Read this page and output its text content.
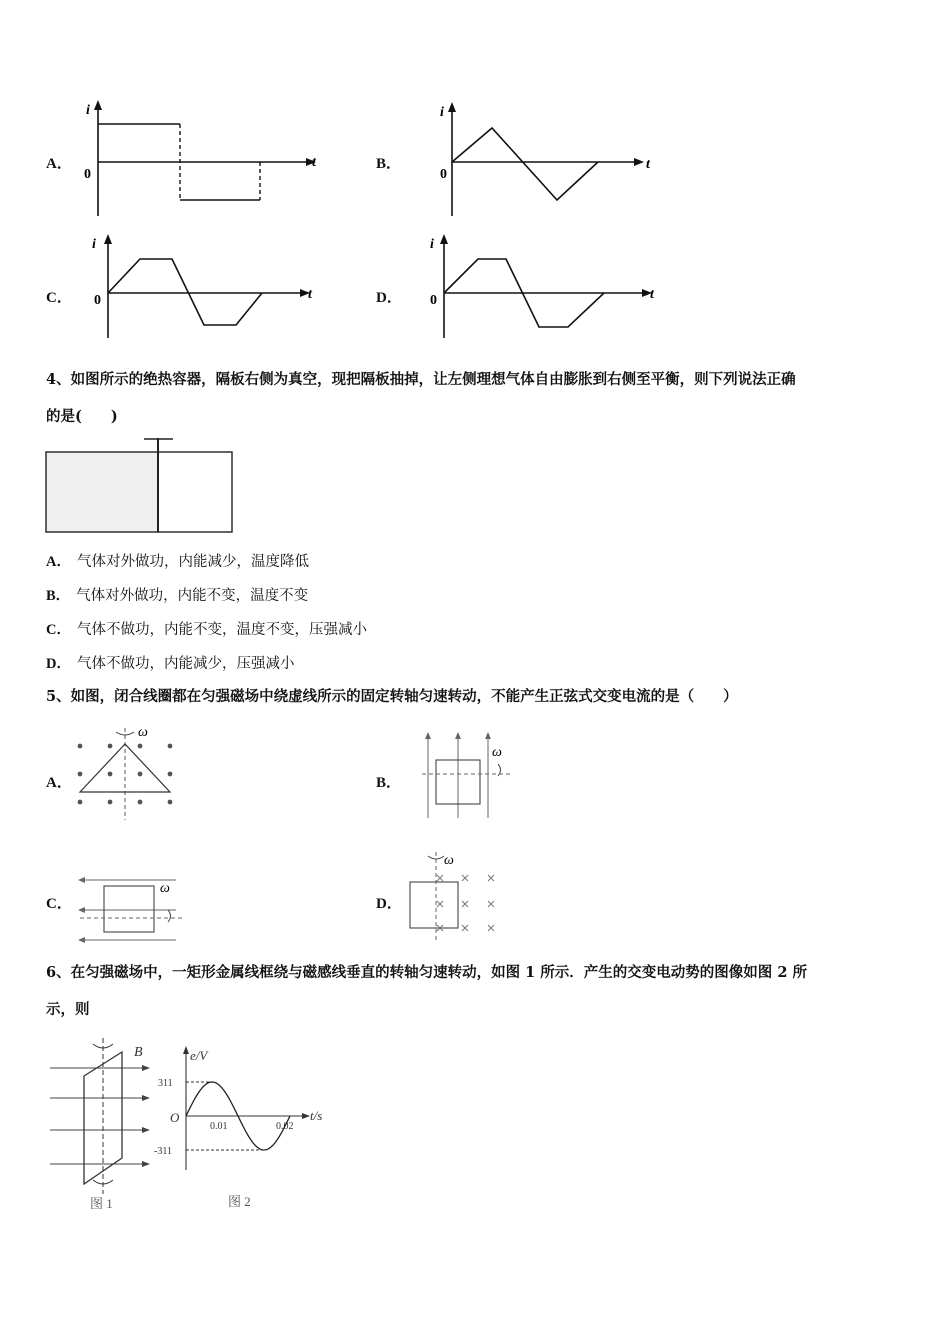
A．
i
0
t	B．
i
0
t
C．
i
0	t	D．
i
0	t
4、如图所示的绝热容器，隔板右侧为真空，现把隔板抽掉，让左侧理想气体自由膨胀到右侧至平衡，则下列说法正确
的是(　　)
A． 气体对外做功，内能减少，温度降低
B． 气体对外做功，内能不变，温度不变
C． 气体不做功，内能不变，温度不变，压强减小
D． 气体不做功，内能减少，压强减小
5、如图，闭合线圈都在匀强磁场中绕虚线所示的固定转轴匀速转动，不能产生正弦式交变电流的是（　　）
A．
ω
B．
ω
C．
ω
D．
ω
6、在匀强磁场中，一矩形金属线框绕与磁感线垂直的转轴匀速转动，如图 1 所示．产生的交变电动势的图像如图 2 所
示，则
B
图 1
e/V
t/s
O
311
-311
0.01	0.02
图 2
